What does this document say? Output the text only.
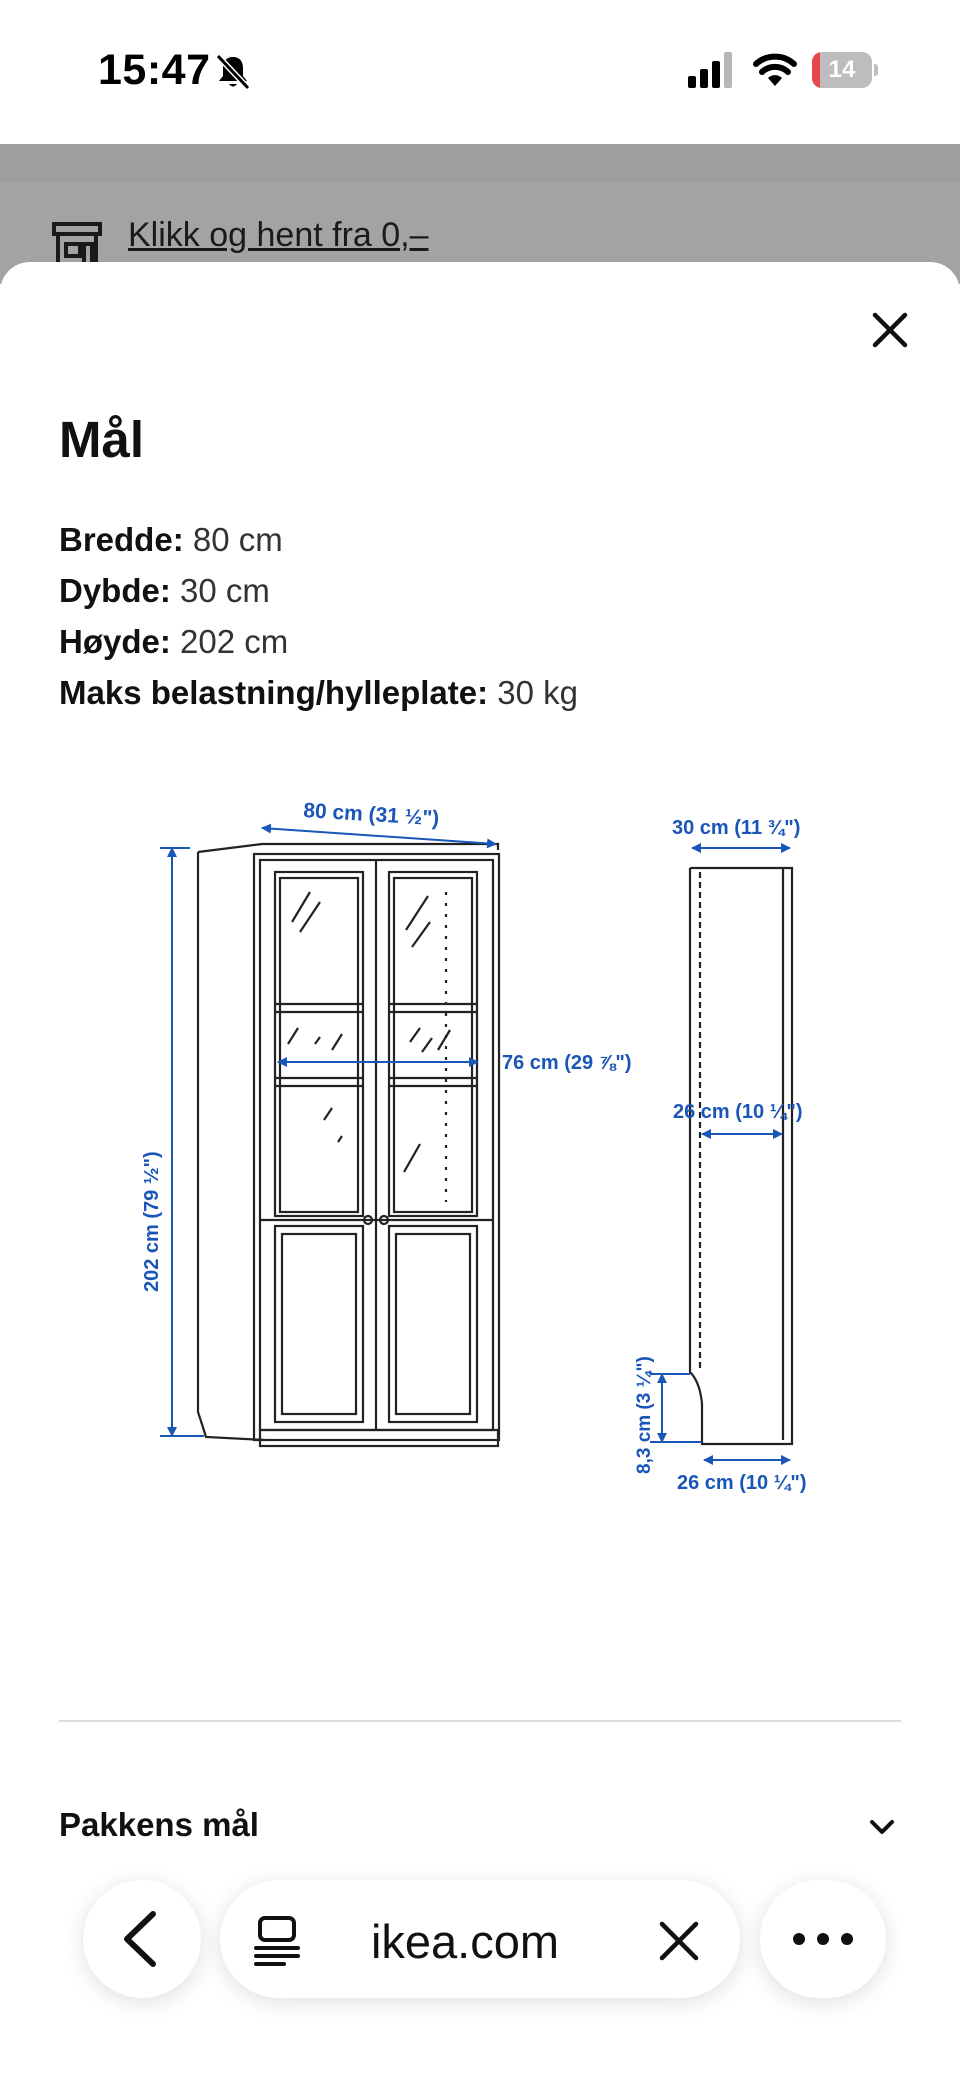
15:47	14
Klikk og hent fra 0,–
Mål
Bredde: 80 cm
Dybde: 30 cm
Høyde: 202 cm
Maks belastning/hylleplate: 30 kg
80 cm (31 ½")
202 cm (79 ½")
76 cm (29 ⅞")
30 cm (11 ¾")
26 cm (10 ¼")
8,3 cm (3 ¼")
26 cm (10 ¼")
Pakkens mål
ikea.com
